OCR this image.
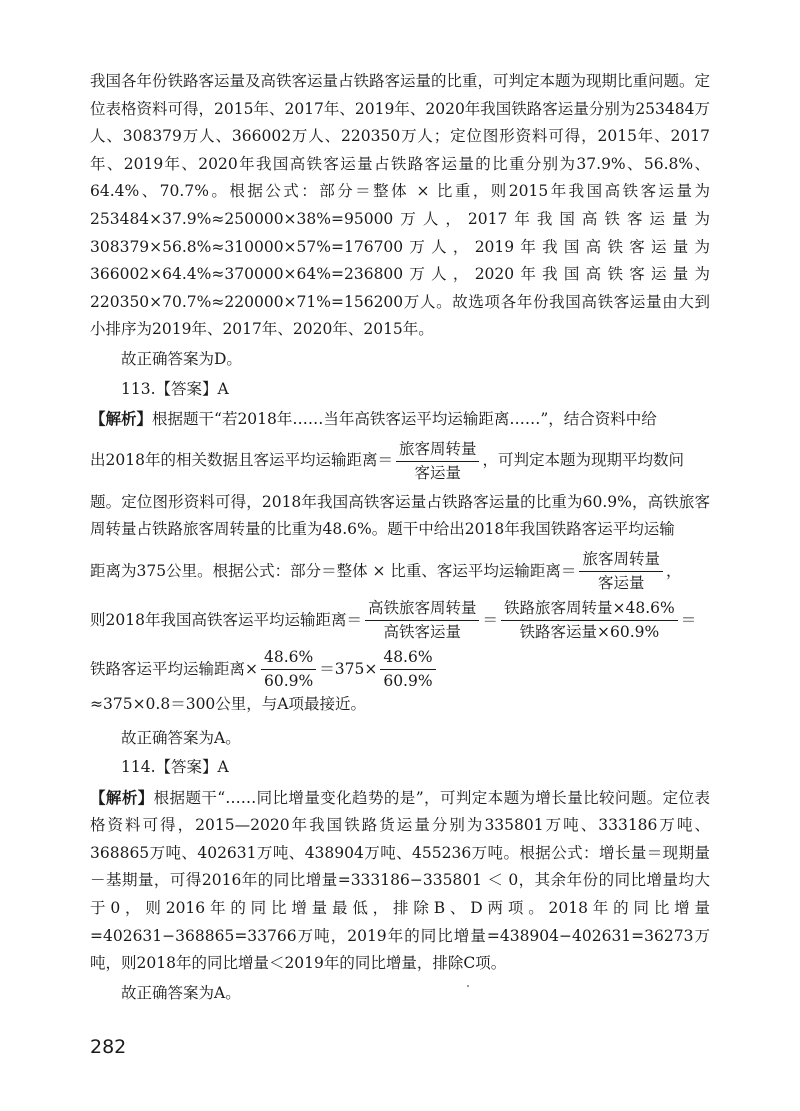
我国各年份铁路客运量及高铁客运量占铁路客运量的比重，可判定本题为现期比重问题。定位表格资料可得，2015年、2017年、2019年、2020年我国铁路客运量分别为253484万人、308379万人、366002万人、220350万人；定位图形资料可得，2015年、2017年、2019年、2020年我国高铁客运量占铁路客运量的比重分别为37.9%、56.8%、64.4%、70.7%。根据公式：部分＝整体 × 比重，则2015年我国高铁客运量为253484×37.9%≈250000×38%=95000万人，2017年我国高铁客运量为308379×56.8%≈310000×57%=176700万人，2019年我国高铁客运量为366002×64.4%≈370000×64%=236800万人，2020年我国高铁客运量为220350×70.7%≈220000×71%=156200万人。故选项各年份我国高铁客运量由大到小排序为2019年、2017年、2020年、2015年。

故正确答案为D。

113.【答案】A

【解析】根据题干“若2018年……当年高铁客运平均运输距离……”，结合资料中给

出2018年的相关数据且客运平均运输距离＝ $\frac{\text{旅客周转量}}{\text{客运量}}$ ，可判定本题为现期平均数问

题。定位图形资料可得，2018年我国高铁客运量占铁路客运量的比重为60.9%，高铁旅客周转量占铁路旅客周转量的比重为48.6%。题干中给出2018年我国铁路客运平均运输

距离为375公里。根据公式：部分＝整体 × 比重、客运平均运输距离＝ $\frac{\text{旅客周转量}}{\text{客运量}}$ ，
则2018年我国高铁客运平均运输距离＝ $\frac{\text{高铁旅客周转量}}{\text{高铁客运量}} = \frac{\text{铁路旅客周转量×48.6\%}}{\text{铁路客运量×60.9\%}}$ ＝
铁路客运平均运输距离× $\frac{48.6\%}{60.9\%} =375\times \frac{48.6\%}{60.9\%}$
≈375×0.8＝300公里，与A项最接近。

故正确答案为A。

114.【答案】A

【解析】根据题干“……同比增量变化趋势的是”，可判定本题为增长量比较问题。定位表格资料可得，2015—2020年我国铁路货运量分别为335801万吨、333186万吨、368865万吨、402631万吨、438904万吨、455236万吨。根据公式：增长量＝现期量－基期量，可得2016年的同比增量=333186−335801 ＜ 0，其余年份的同比增量均大于0，则2016年的同比增量最低，排除B、D两项。2018年的同比增量=402631−368865=33766万吨，2019年的同比增量=438904−402631=36273万吨，则2018年的同比增量＜2019年的同比增量，排除C项。

故正确答案为A。

282
